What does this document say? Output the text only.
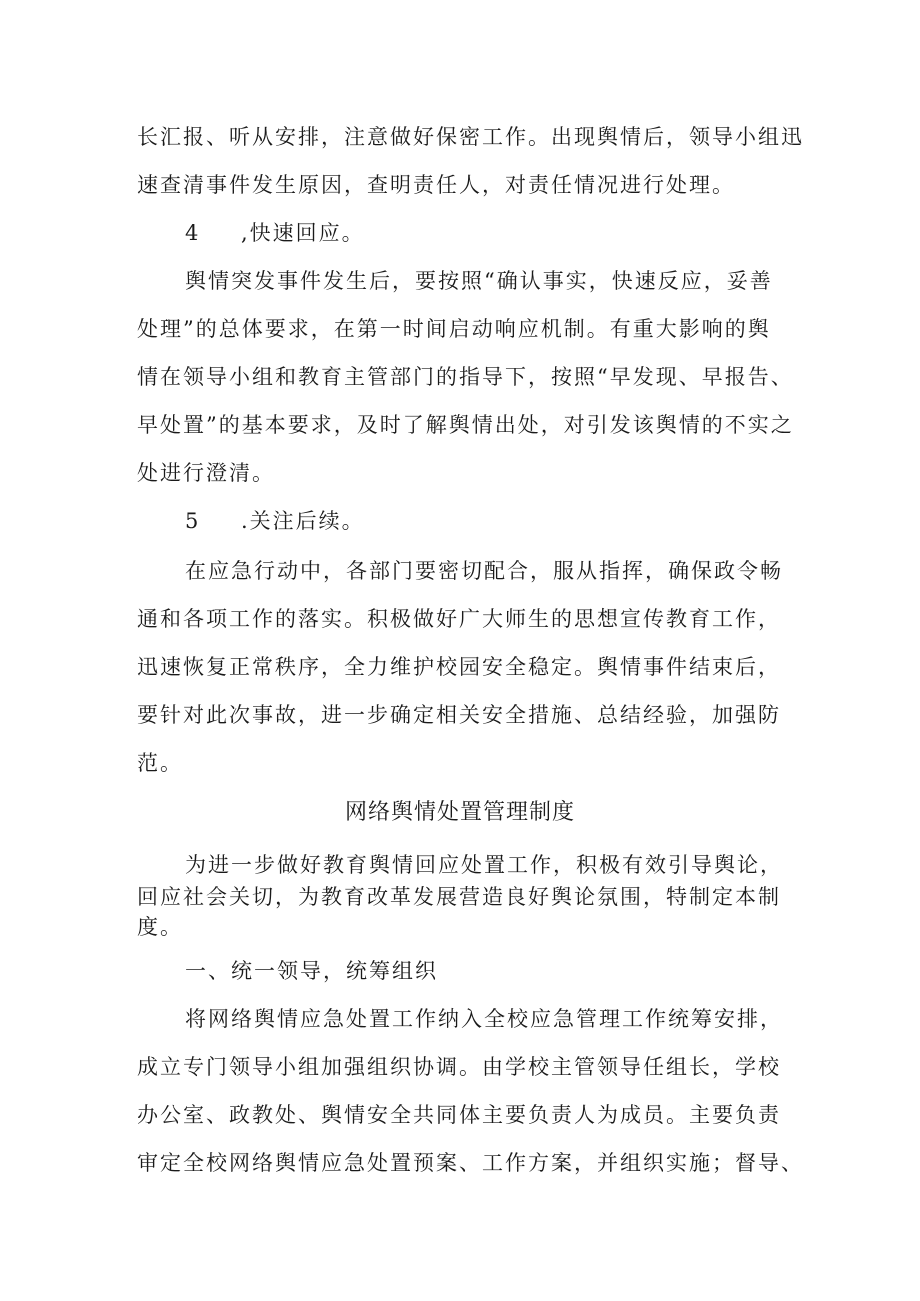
长汇报、听从安排，注意做好保密工作。出现舆情后，领导小组迅
速查清事件发生原因，查明责任人，对责任情况进行处理。
4 ,快速回应。
舆情突发事件发生后，要按照“确认事实，快速反应，妥善
处理”的总体要求，在第一时间启动响应机制。有重大影响的舆
情在领导小组和教育主管部门的指导下，按照“早发现、早报告、
早处置”的基本要求，及时了解舆情出处，对引发该舆情的不实之
处进行澄清。
5 .关注后续。
在应急行动中，各部门要密切配合，服从指挥，确保政令畅
通和各项工作的落实。积极做好广大师生的思想宣传教育工作，
迅速恢复正常秩序，全力维护校园安全稳定。舆情事件结束后，
要针对此次事故，进一步确定相关安全措施、总结经验，加强防
范。
网络舆情处置管理制度
为进一步做好教育舆情回应处置工作，积极有效引导舆论，
回应社会关切，为教育改革发展营造良好舆论氛围，特制定本制
度。
一、统一领导，统筹组织
将网络舆情应急处置工作纳入全校应急管理工作统筹安排，
成立专门领导小组加强组织协调。由学校主管领导任组长，学校
办公室、政教处、舆情安全共同体主要负责人为成员。主要负责
审定全校网络舆情应急处置预案、工作方案，并组织实施；督导、
